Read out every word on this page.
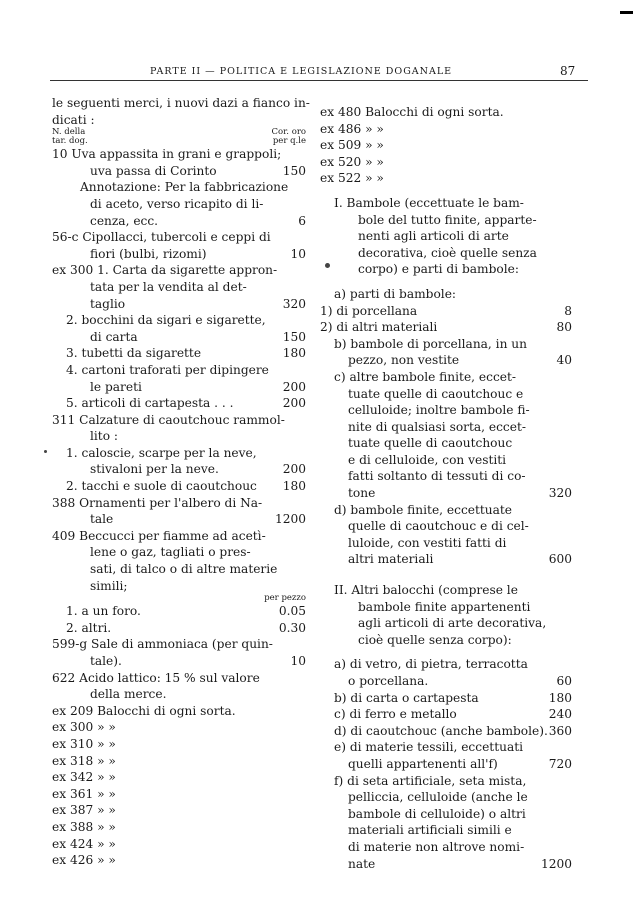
PARTE II — POLITICA E LEGISLAZIONE DOGANALE	87
le seguenti merci, i nuovi dazi a fianco in-
dicati :
N. della	Cor. oro
tar. dog.	per q.le
10 Uva appassita in grani e grappoli;
uva passa di Corinto	150
Annotazione: Per la fabbricazione
di aceto, verso ricapito di li-
cenza, ecc.	6
56-c Cipollacci, tubercoli e ceppi di
fiori (bulbi, rizomi)	10
ex 300 1. Carta da sigarette appron-
tata per la vendita al det-
taglio	320
2. bocchini da sigari e sigarette,
di carta	150
3. tubetti da sigarette	180
4. cartoni traforati per dipingere
le pareti	200
5. articoli di cartapesta . . .	200
311 Calzature di caoutchouc rammol-
lito :
1. caloscie, scarpe per la neve,
stivaloni per la neve.	200
2. tacchi e suole di caoutchouc 180
388 Ornamenti per l'albero di Na-
tale	1200
409 Beccucci per fiamme ad acetì-
lene o gaz, tagliati o pres-
sati, di talco o di altre materie
simili;
per pezzo
1. a un foro.	0.05
2. altri.	0.30
599-g Sale di ammoniaca (per quin-
tale).	10
622 Acido lattico: 15 % sul valore
della merce.
ex 209 Balocchi di ogni sorta.
ex 300 » »
ex 310 » »
ex 318 » »
ex 342 » »
ex 361 » »
ex 387 » »
ex 388 » »
ex 424 » »
ex 426 » »
ex 480 Balocchi di ogni sorta.
ex 486 » »
ex 509 » »
ex 520 » »
ex 522 » »
I. Bambole (eccettuate le bam-
bole del tutto finite, apparte-
nenti agli articoli di arte
decorativa, cioè quelle senza
corpo) e parti di bambole:
a) parti di bambole:
1) di porcellana	8
2) di altri materiali	80
b) bambole di porcellana, in un
pezzo, non vestite	40
c) altre bambole finite, eccet-
tuate quelle di caoutchouc e
celluloide; inoltre bambole fi-
nite di qualsiasi sorta, eccet-
tuate quelle di caoutchouc
e di celluloide, con vestiti
fatti soltanto di tessuti di co-
tone	320
d) bambole finite, eccettuate
quelle di caoutchouc e di cel-
luloide, con vestiti fatti di
altri materiali	600
II. Altri balocchi (comprese le
bambole finite appartenenti
agli articoli di arte decorativa,
cioè quelle senza corpo):
a) di vetro, di pietra, terracotta
o porcellana.	60
b) di carta o cartapesta	180
c) di ferro e metallo	240
d) di caoutchouc (anche bambole). 360
e) di materie tessili, eccettuati
quelli appartenenti all'f)	720
f) di seta artificiale, seta mista,
pelliccia, celluloide (anche le
bambole di celluloide) o altri
materiali artificiali simili e
di materie non altrove nomi-
nate	1200
